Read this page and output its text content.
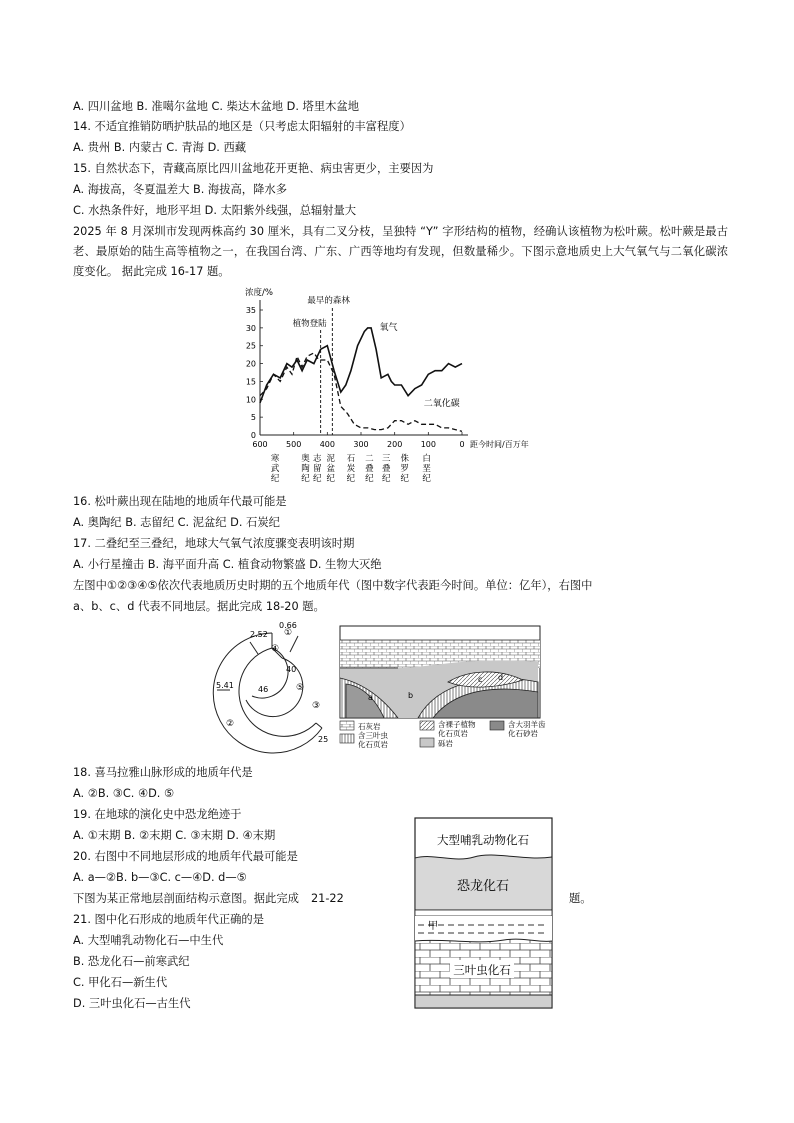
A. 四川盆地 B. 准噶尔盆地 C. 柴达木盆地 D. 塔里木盆地
14. 不适宜推销防晒护肤品的地区是（只考虑太阳辐射的丰富程度）
A. 贵州 B. 内蒙古 C. 青海 D. 西藏
15. 自然状态下，青藏高原比四川盆地花开更艳、病虫害更少，主要因为
A. 海拔高，冬夏温差大 B. 海拔高，降水多
C. 水热条件好，地形平坦 D. 太阳紫外线强，总辐射量大
2025 年 8 月深圳市发现两株高约 30 厘米，具有二叉分枝，呈独特 “Y” 字形结构的植物，经确认该植物为松叶蕨。松叶蕨是最古老、最原始的陆生高等植物之一，在我国台湾、广东、广西等地均有发现，但数量稀少。下图示意地质史上大气氧气与二氧化碳浓度变化。 据此完成 16-17 题。
浓度/%
35
30
25
20
15
10
5
0
600 500 400 300 200 100	0 距今时间/百万年
寒武纪
奥陶纪
志留纪
泥盆纪
石炭纪
二叠纪
三叠纪
侏罗纪
白垩纪
植物登陆
最早的森林
氧气
二氧化碳
16. 松叶蕨出现在陆地的地质年代最可能是
A. 奥陶纪 B. 志留纪 C. 泥盆纪 D. 石炭纪
17. 二叠纪至三叠纪，地球大气氧气浓度骤变表明该时期
A. 小行星撞击 B. 海平面升高 C. 植食动物繁盛 D. 生物大灭绝
左图中①②③④⑤依次代表地质历史时期的五个地质年代（图中数字代表距今时间。单位：亿年），右图中
a、b、c、d 代表不同地层。据此完成 18-20 题。
0.66
2.52
5.41	46
40
25
①
②
③
④
⑤
a	b
c d
石灰岩	含裸子植物
化石页岩
含大羽羊齿
化石砂岩
含三叶虫
化石页岩	砾岩
18. 喜马拉雅山脉形成的地质年代是
A. ②B. ③C. ④D. ⑤
19. 在地球的演化史中恐龙绝迹于
A. ①末期 B. ②末期 C. ③末期 D. ④末期
20. 右图中不同地层形成的地质年代最可能是
A. a—②B. b—③C. c—④D. d—⑤
下图为某正常地层剖面结构示意图。据此完成 21-22	题。
21. 图中化石形成的地质年代正确的是
A. 大型哺乳动物化石—中生代
B. 恐龙化石—前寒武纪
C. 甲化石—新生代
D. 三叶虫化石—古生代
大型哺乳动物化石
恐龙化石
甲
三叶虫化石
